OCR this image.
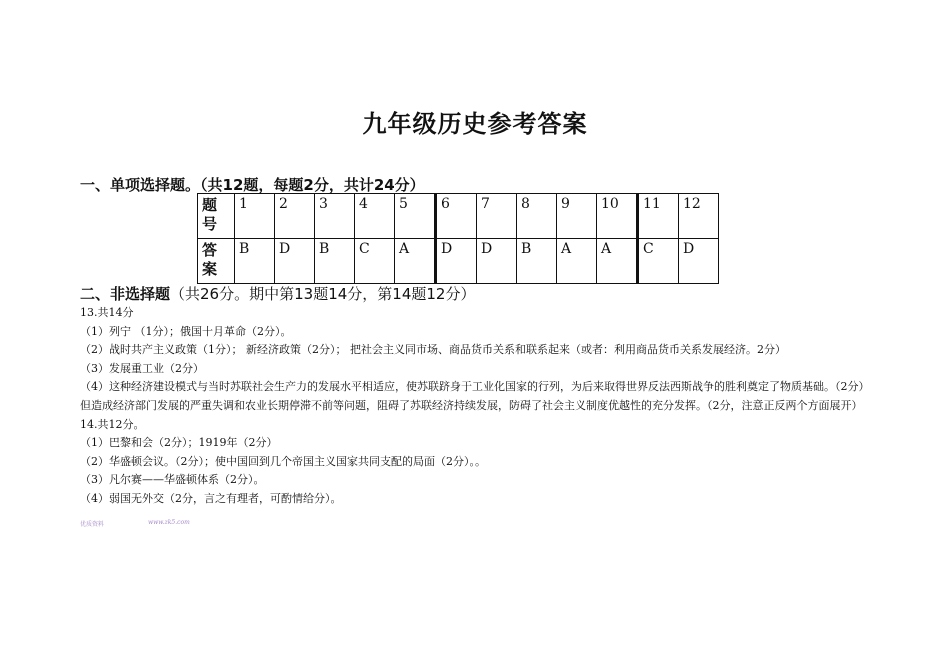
九年级历史参考答案
一、单项选择题。（共12题，每题2分，共计24分）
题号	1	2	3	4	5	6	7	8	9	10	11	12
答案	B	D	B	C	A	D	D	B	A	A	C	D
二、非选择题（共26分。期中第13题14分，第14题12分）
13.共14分
（1）列宁 （1分）；俄国十月革命（2分）。
（2）战时共产主义政策（1分）； 新经济政策（2分）； 把社会主义同市场、商品货币关系和联系起来（或者：利用商品货币关系发展经济。2分）
（3）发展重工业（2分）
（4）这种经济建设模式与当时苏联社会生产力的发展水平相适应，使苏联跻身于工业化国家的行列，为后来取得世界反法西斯战争的胜利奠定了物质基础。（2分）但造成经济部门发展的严重失调和农业长期停滞不前等问题，阻碍了苏联经济持续发展，防碍了社会主义制度优越性的充分发挥。（2分，注意正反两个方面展开）
14.共12分。
（1）巴黎和会（2分）；1919年（2分）
（2）华盛顿会议。（2分）；使中国回到几个帝国主义国家共同支配的局面（2分）。。
（3）凡尔赛——华盛顿体系（2分）。
（4）弱国无外交（2分，言之有理者，可酌情给分）。
优质资料	www.zk5.com
